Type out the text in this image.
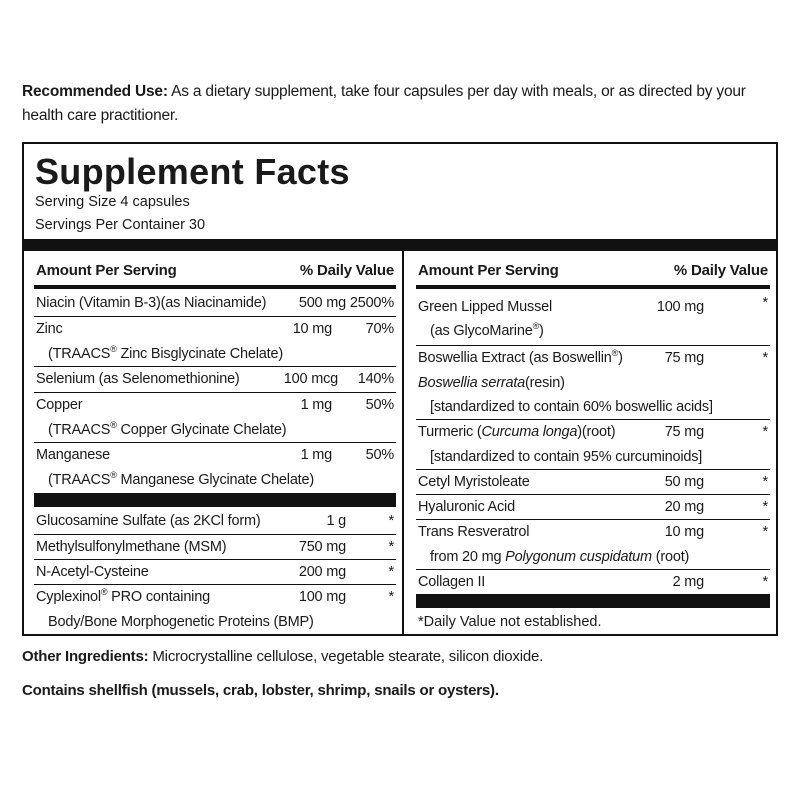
Recommended Use: As a dietary supplement, take four capsules per day with meals, or as directed by your health care practitioner.
Supplement Facts
Serving Size 4 capsules
Servings Per Container 30
Amount Per Serving	% Daily Value
Niacin (Vitamin B-3)(as Niacinamide) 500 mg 2500%
Zinc	10 mg 70%
(TRAACS® Zinc Bisglycinate Chelate)
Selenium (as Selenomethionine)	100 mcg 140%
Copper	1 mg 50%
(TRAACS® Copper Glycinate Chelate)
Manganese	1 mg 50%
(TRAACS® Manganese Glycinate Chelate)
Glucosamine Sulfate (as 2KCl form)	1 g	*
Methylsulfonylmethane (MSM)	750 mg	*
N-Acetyl-Cysteine	200 mg	*
Cyplexinol® PRO containing	100 mg	*
Body/Bone Morphogenetic Proteins (BMP)
Amount Per Serving	% Daily Value
Green Lipped Mussel	100 mg	*
(as GlycoMarine®)
Boswellia Extract (as Boswellin®)	75 mg	*
Boswellia serrata(resin)
[standardized to contain 60% boswellic acids]
Turmeric (Curcuma longa)(root)	75 mg	*
[standardized to contain 95% curcuminoids]
Cetyl Myristoleate	50 mg	*
Hyaluronic Acid	20 mg	*
Trans Resveratrol	10 mg	*
from 20 mg Polygonum cuspidatum (root)
Collagen II	2 mg	*
*Daily Value not established.
Other Ingredients: Microcrystalline cellulose, vegetable stearate, silicon dioxide.
Contains shellfish (mussels, crab, lobster, shrimp, snails or oysters).
